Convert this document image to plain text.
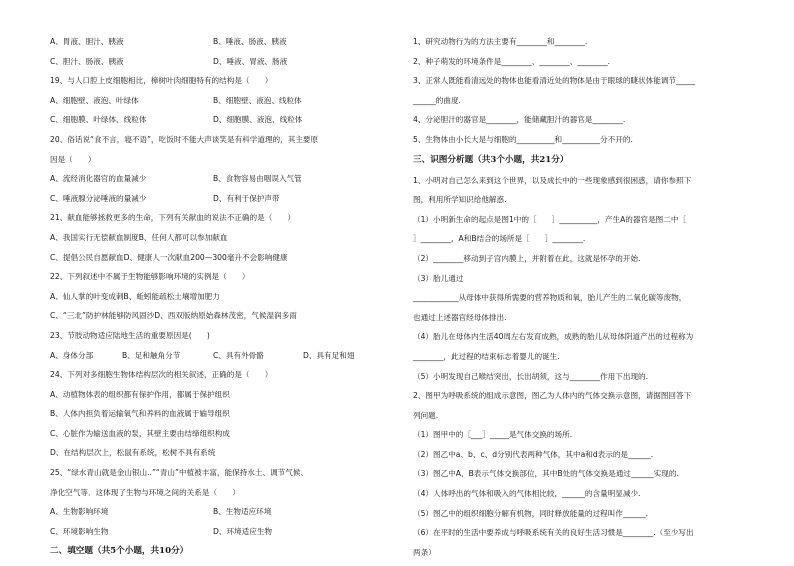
A、胃液、胆汁、胰液	B、唾液、肠液、胰液
C、胆汁、肠液、胰液	D、唾液、胃液、肠液
19、与人口腔上皮细胞相比，樟树叶肉细胞特有的结构是（　　）
A、细胞壁、液泡、叶绿体	B、细胞壁、液泡、线粒体
C、细胞膜、叶绿体、线粒体	D、细胞膜、液泡、线粒体
20、俗话说“食不言，寝不语”，吃饭时不能大声谈笑是有科学道理的，其主要原
因是（　　）
A、流经消化器官的血量减少	B、食物容易由咽误入气管
C、唾液腺分泌唾液的量减少	D、有利于保护声带
21、献血能够拯救更多的生命，下列有关献血的说法不正确的是（　　）
A、我国实行无偿献血制度B、任何人都可以参加献血
C、提倡公民自愿献血D、健康人一次献血200—300毫升不会影响健康
22、下列叙述中不属于生物能够影响环境的实例是（　　）
A、仙人掌的叶变成刺B、蚯蚓能疏松土壤增加肥力
C、“三北”防护林能够防风固沙D、西双版纳原始森林茂密，气候湿润多雨
23、节肢动物适应陆地生活的重要原因是(　　)
A、身体分部	B、足和触角分节	C、具有外骨骼	D、具有足和翅
24、下列对多细胞生物体结构层次的相关叙述，正确的是（　　）
A、动植物体表的组织都有保护作用，都属于保护组织
B、人体内担负着运输氧气和养料的血液属于输导组织
C、心脏作为输送血液的泵，其壁主要由结缔组织构成
D、在结构层次上，松鼠有系统，松树不具有系统
25、“绿水青山就是金山银山..”“青山”中植被丰富，能保持水土、调节气候、
净化空气等．这体现了生物与环境之间的关系是（　　）
A、生物影响环境	B、生物适应环境
C、环境影响生物	D、环境适应生物
二、填空题（共5个小题，共10分）
1、研究动物行为的方法主要有________和________.
2、种子萌发的环境条件是________、________、________.
3、正常人既能看清远处的物体也能看清近处的物体是由于眼球的睫状体能调节_____
______的曲度.
4、分泌胆汁的器官是________，能储藏胆汁的器官是________.
5、生物体由小长大是与细胞的__________和__________分不开的.
三、识图分析题（共3个小题，共21分）
1、小明对自己怎么来到这个世界，以及成长中的一些现象感到很困惑，请你参照下
图，利用所学知识给他解惑.
（1）小明新生命的起点是图1中的［　　］__________，产生A的器官是图二中［
］________，A和B结合的场所是［　　］________.
（2）________移动到子宫内膜上，并附着在此，这就是怀孕的开始.
（3）胎儿通过
____________从母体中获得所需要的营养物质和氧，胎儿产生的二氧化碳等废物，
也通过上述器官经母体排出.
（4）胎儿在母体内生活40周左右发育成熟，成熟的胎儿从母体阴道产出的过程称为
________，此过程的结束标志着婴儿的诞生.
（5）小明发现自己喉结突出，长出胡须，这与________作用下出现的.
2、图甲为呼吸系统的组成示意图，图乙为人体内的气体交换示意图，请据图回答下
列问题.
（1）图甲中的［___］_____是气体交换的场所.
（2）图乙中a、b、c、d分别代表两种气体，其中a和d表示的是______.
（3）图乙中A、B表示气体交换部位，其中B处的气体交换是通过______实现的.
（4）人体呼出的气体和吸入的气体相比较，______的含量明显减少.
（5）图乙中的组织细胞分解有机物，同时释放能量的过程叫作______.
（6）在平时的生活中要养成与呼吸系统有关的良好生活习惯是________.（至少写出
两条）
